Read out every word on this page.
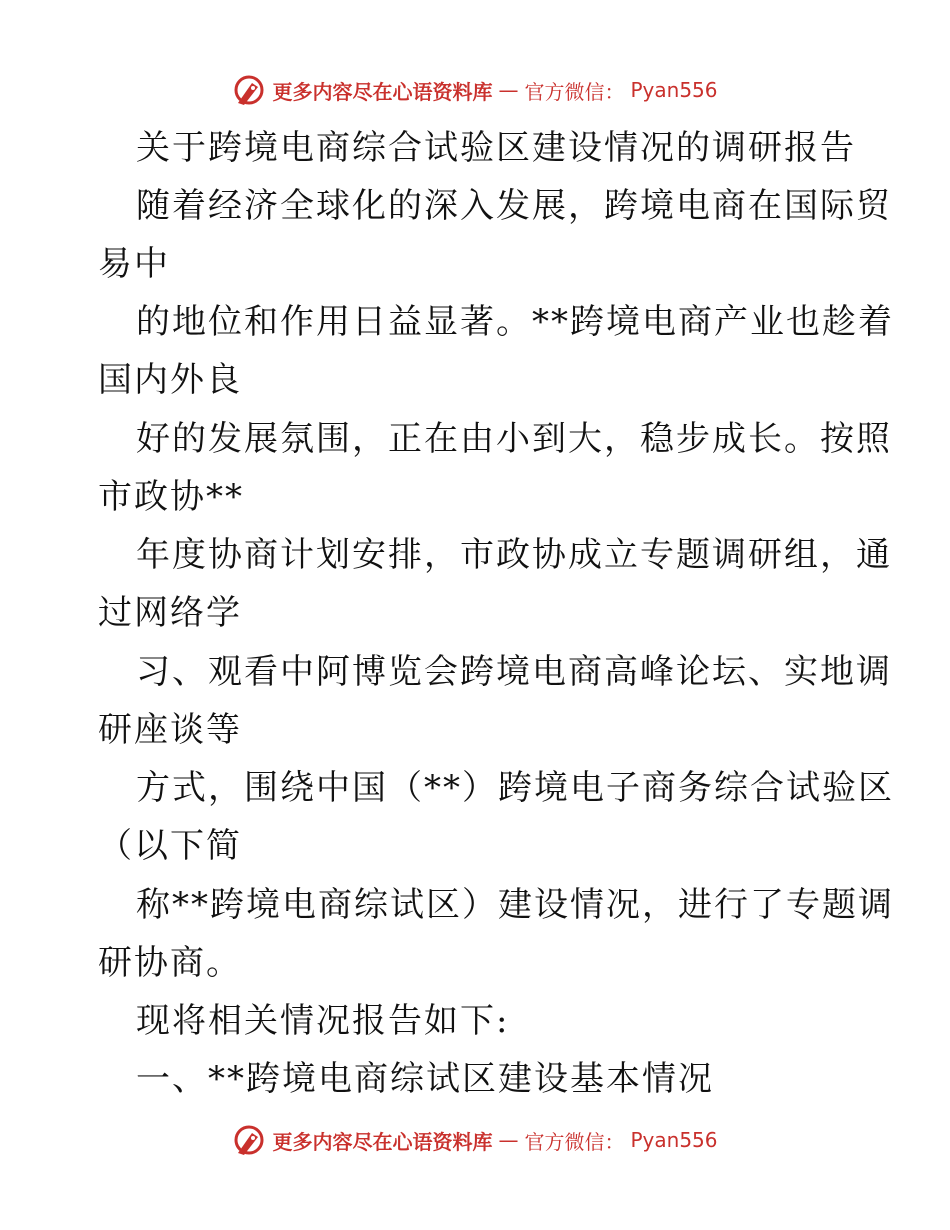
更多内容尽在心语资料库 — 官方微信： Pyan556
关于跨境电商综合试验区建设情况的调研报告
随着经济全球化的深入发展，跨境电商在国际贸
易中
的地位和作用日益显著。**跨境电商产业也趁着
国内外良
好的发展氛围，正在由小到大，稳步成长。按照
市政协**
年度协商计划安排，市政协成立专题调研组，通
过网络学
习、观看中阿博览会跨境电商高峰论坛、实地调
研座谈等
方式，围绕中国（**）跨境电子商务综合试验区
（以下简
称**跨境电商综试区）建设情况，进行了专题调
研协商。
现将相关情况报告如下:
一、**跨境电商综试区建设基本情况
更多内容尽在心语资料库 — 官方微信： Pyan556
